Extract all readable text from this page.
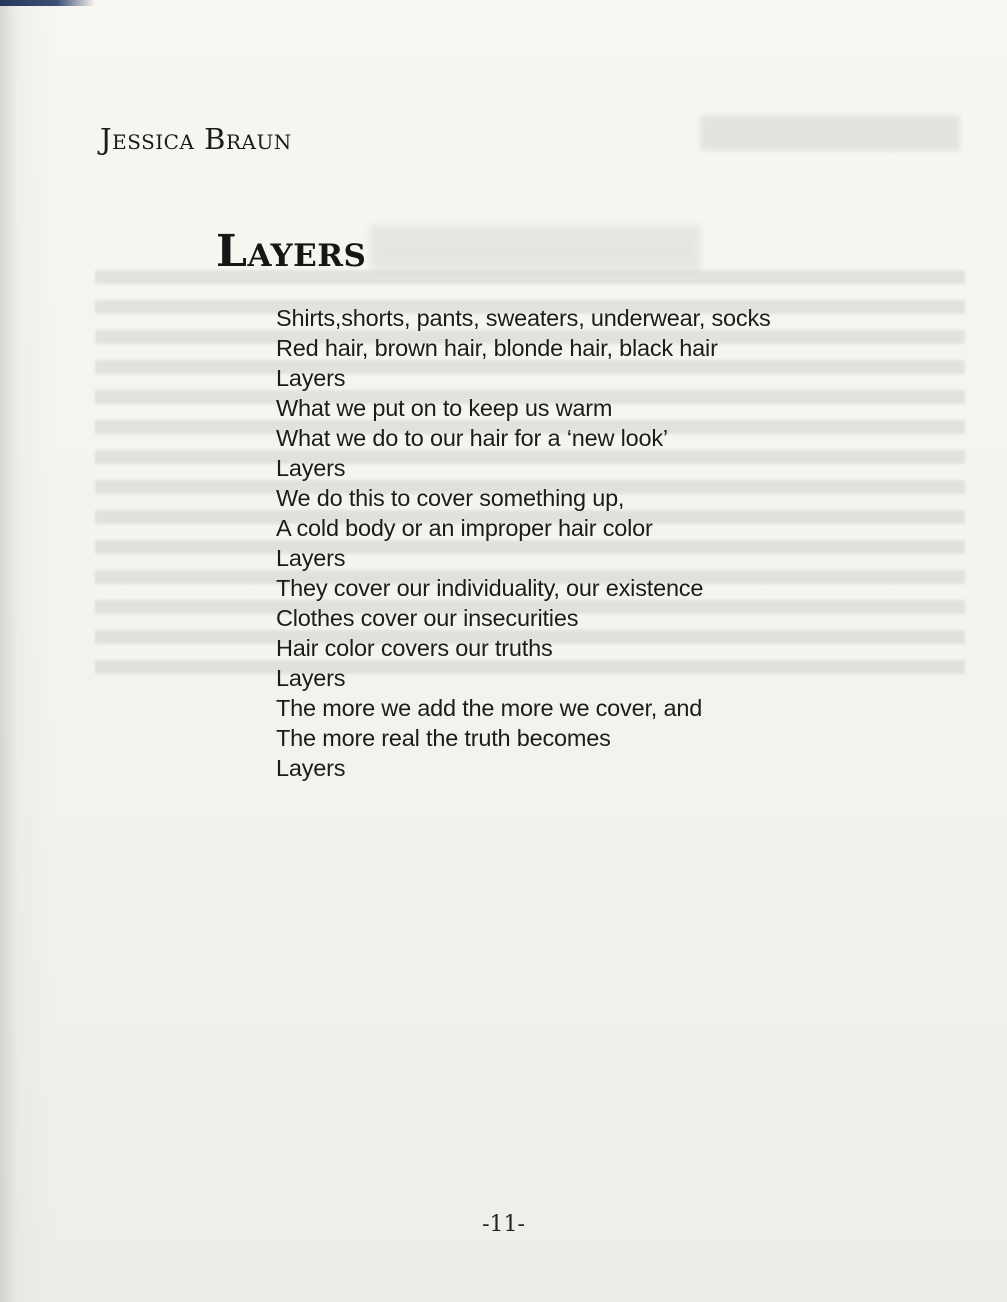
Jessica Braun
Layers
Shirts,shorts, pants, sweaters, underwear, socks
Red hair, brown hair, blonde hair, black hair
Layers
What we put on to keep us warm
What we do to our hair for a ‘new look’
Layers
We do this to cover something up,
A cold body or an improper hair color
Layers
They cover our individuality, our existence
Clothes cover our insecurities
Hair color covers our truths
Layers
The more we add the more we cover, and
The more real the truth becomes
Layers

-11-
